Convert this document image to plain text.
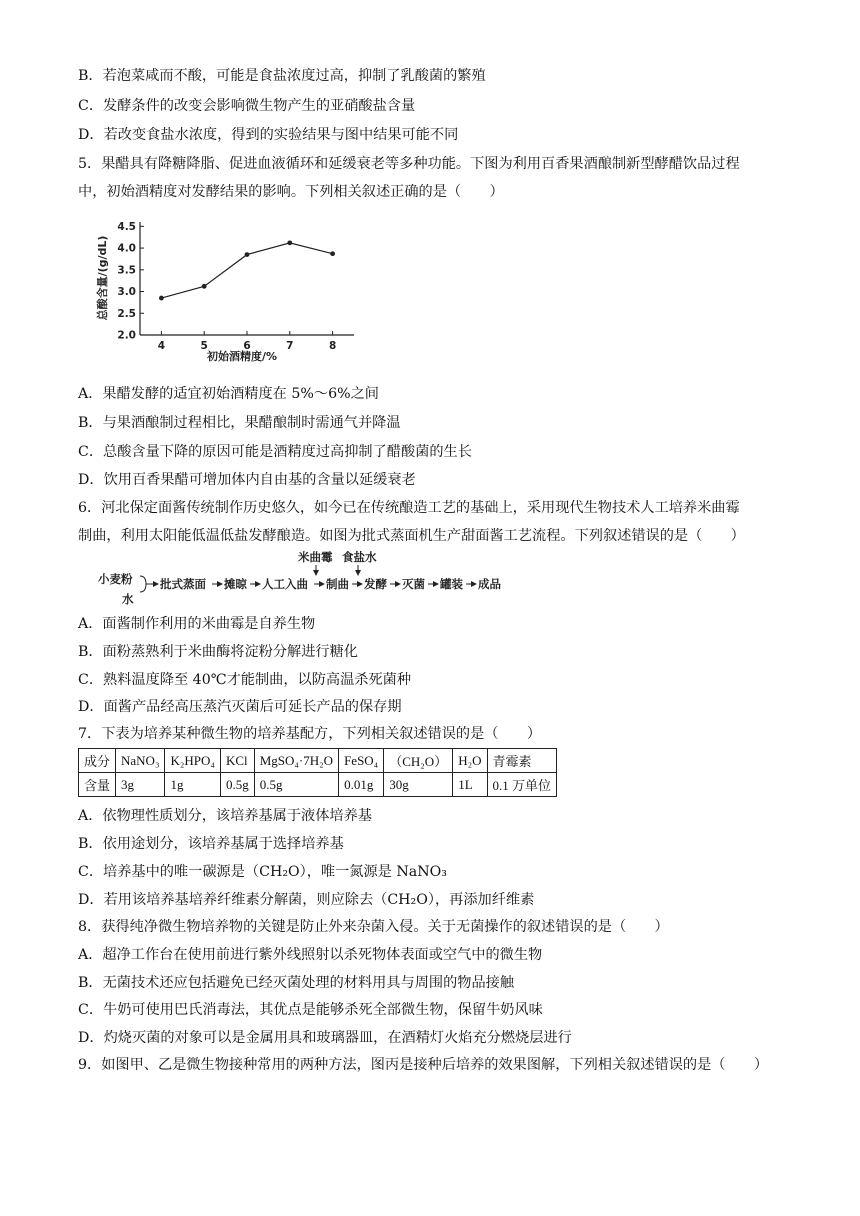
B．若泡菜咸而不酸，可能是食盐浓度过高，抑制了乳酸菌的繁殖
C．发酵条件的改变会影响微生物产生的亚硝酸盐含量
D．若改变食盐水浓度，得到的实验结果与图中结果可能不同
5．果醋具有降糖降脂、促进血液循环和延缓衰老等多种功能。下图为利用百香果酒酿制新型酵醋饮品过程
中，初始酒精度对发酵结果的影响。下列相关叙述正确的是（　　）
2.0
2.5
3.0
3.5
4.0
4.5
4	5	6	7	8
总酸含量/(g/dL)
初始酒精度/%
A．果醋发酵的适宜初始酒精度在 5%～6%之间
B．与果酒酿制过程相比，果醋酿制时需通气并降温
C．总酸含量下降的原因可能是酒精度过高抑制了醋酸菌的生长
D．饮用百香果醋可增加体内自由基的含量以延缓衰老
6．河北保定面酱传统制作历史悠久，如今已在传统酿造工艺的基础上，采用现代生物技术人工培养米曲霉
制曲，利用太阳能低温低盐发酵酿造。如图为批式蒸面机生产甜面酱工艺流程。下列叙述错误的是（　　）
小麦粉
水
批式蒸面 摊晾 人工入曲 制曲 发酵 灭菌 罐装 成品
米曲霉 食盐水
A．面酱制作利用的米曲霉是自养生物
B．面粉蒸熟利于米曲酶将淀粉分解进行糖化
C．熟料温度降至 40℃才能制曲，以防高温杀死菌种
D．面酱产品经高压蒸汽灭菌后可延长产品的保存期
7．下表为培养某种微生物的培养基配方，下列相关叙述错误的是（　　）
成分	NaNO₃	K₂HPO₄	KCl	MgSO₄·7H₂O	FeSO₄	（CH₂O）	H₂O	青霉素
含量	3g	1g	0.5g	0.5g	0.01g	30g	1L	0.1 万单位
A．依物理性质划分，该培养基属于液体培养基
B．依用途划分，该培养基属于选择培养基
C．培养基中的唯一碳源是（CH₂O），唯一氮源是 NaNO₃
D．若用该培养基培养纤维素分解菌，则应除去（CH₂O），再添加纤维素
8．获得纯净微生物培养物的关键是防止外来杂菌入侵。关于无菌操作的叙述错误的是（　　）
A．超净工作台在使用前进行紫外线照射以杀死物体表面或空气中的微生物
B．无菌技术还应包括避免已经灭菌处理的材料用具与周围的物品接触
C．牛奶可使用巴氏消毒法，其优点是能够杀死全部微生物，保留牛奶风味
D．灼烧灭菌的对象可以是金属用具和玻璃器皿，在酒精灯火焰充分燃烧层进行
9．如图甲、乙是微生物接种常用的两种方法，图丙是接种后培养的效果图解，下列相关叙述错误的是（　　）
